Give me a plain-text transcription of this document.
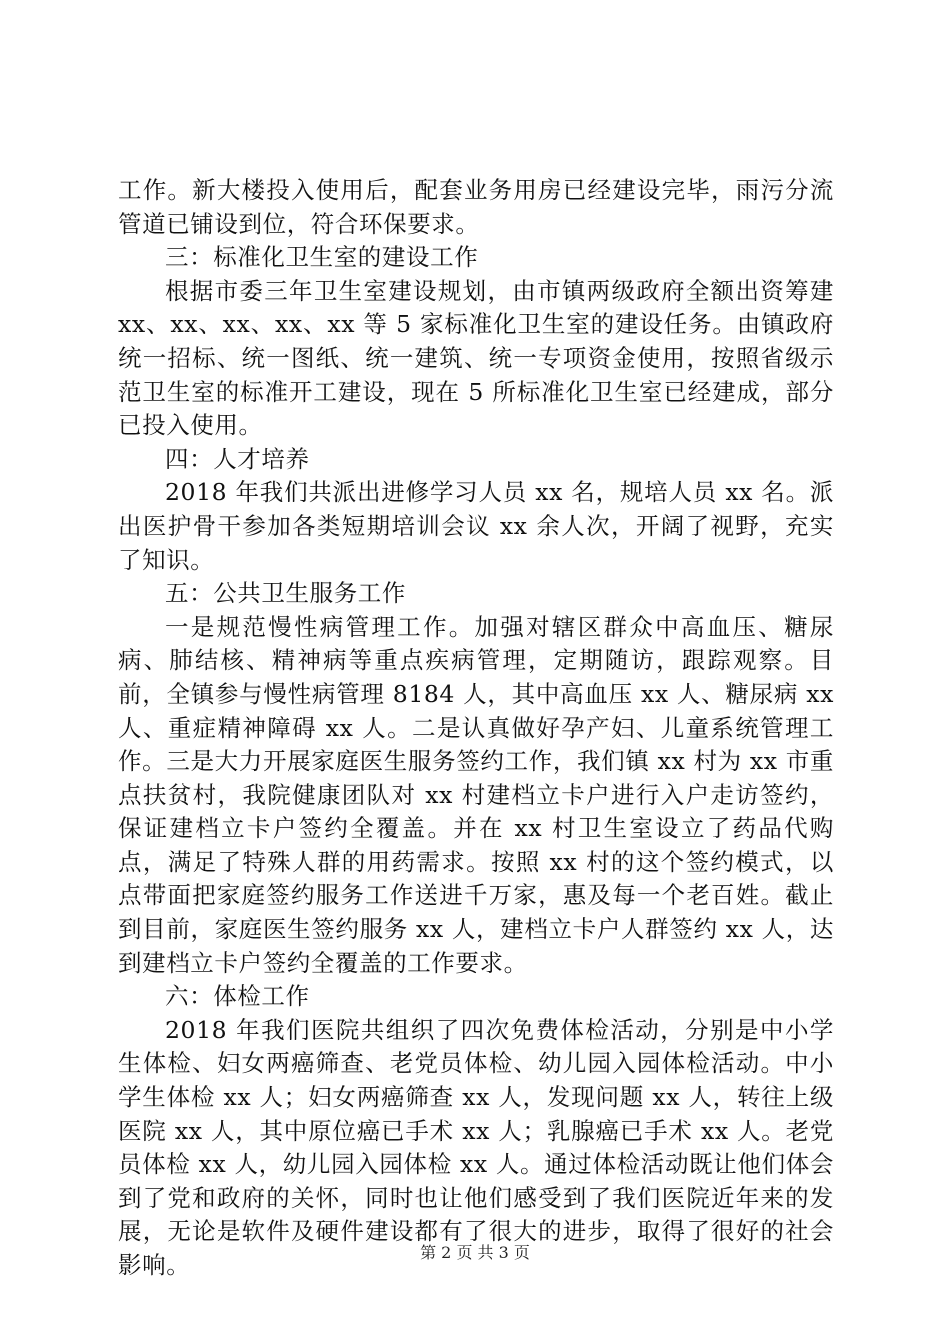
工作。新大楼投入使用后，配套业务用房已经建设完毕，雨污分流管道已铺设到位，符合环保要求。

三：标准化卫生室的建设工作

根据市委三年卫生室建设规划，由市镇两级政府全额出资筹建 xx、xx、xx、xx、xx 等 5 家标准化卫生室的建设任务。由镇政府统一招标、统一图纸、统一建筑、统一专项资金使用，按照省级示范卫生室的标准开工建设，现在 5 所标准化卫生室已经建成，部分已投入使用。

四：人才培养

2018 年我们共派出进修学习人员 xx 名，规培人员 xx 名。派出医护骨干参加各类短期培训会议 xx 余人次，开阔了视野，充实了知识。

五：公共卫生服务工作

一是规范慢性病管理工作。加强对辖区群众中高血压、糖尿病、肺结核、精神病等重点疾病管理，定期随访，跟踪观察。目前，全镇参与慢性病管理 8184 人，其中高血压 xx 人、糖尿病 xx 人、重症精神障碍 xx 人。二是认真做好孕产妇、儿童系统管理工作。三是大力开展家庭医生服务签约工作，我们镇 xx 村为 xx 市重点扶贫村，我院健康团队对 xx 村建档立卡户进行入户走访签约，保证建档立卡户签约全覆盖。并在 xx 村卫生室设立了药品代购点，满足了特殊人群的用药需求。按照 xx 村的这个签约模式，以点带面把家庭签约服务工作送进千万家，惠及每一个老百姓。截止到目前，家庭医生签约服务 xx 人，建档立卡户人群签约 xx 人，达到建档立卡户签约全覆盖的工作要求。

六：体检工作

2018 年我们医院共组织了四次免费体检活动，分别是中小学生体检、妇女两癌筛查、老党员体检、幼儿园入园体检活动。中小学生体检 xx 人；妇女两癌筛查 xx 人，发现问题 xx 人，转往上级医院 xx 人，其中原位癌已手术 xx 人；乳腺癌已手术 xx 人。老党员体检 xx 人，幼儿园入园体检 xx 人。通过体检活动既让他们体会到了党和政府的关怀，同时也让他们感受到了我们医院近年来的发展，无论是软件及硬件建设都有了很大的进步，取得了很好的社会影响。	第 2 页 共 3 页
